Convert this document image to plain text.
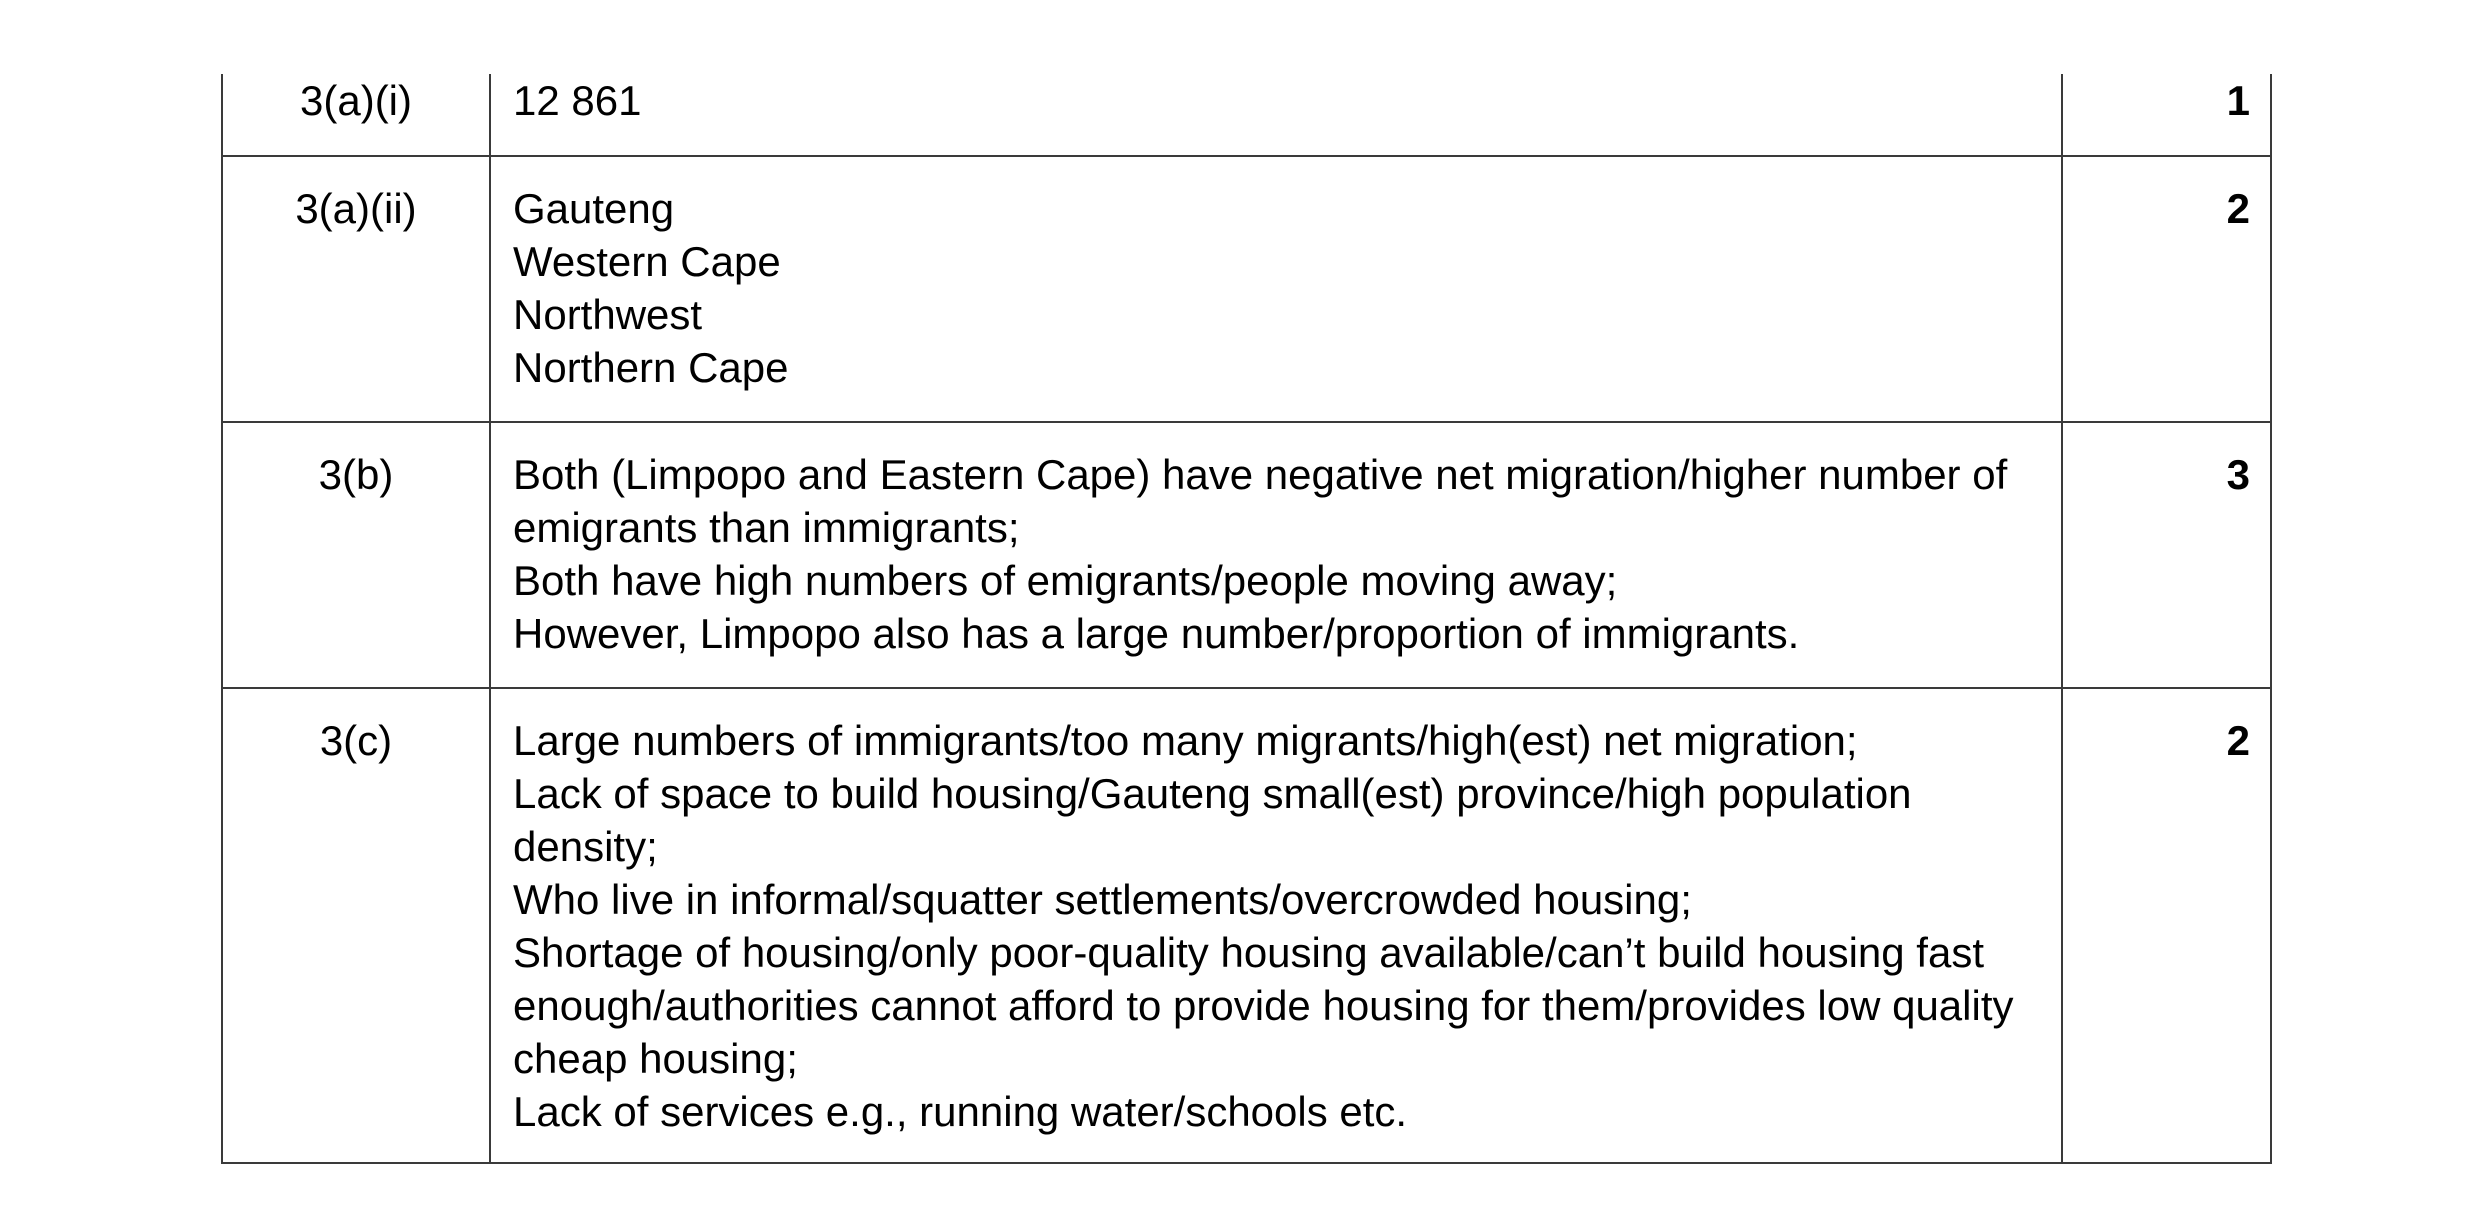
3(a)(i)	12 861	1
3(a)(ii)	Gauteng
Western Cape
Northwest
Northern Cape	2
3(b)	Both (Limpopo and Eastern Cape) have negative net migration/higher number of emigrants than immigrants;
Both have high numbers of emigrants/people moving away;
However, Limpopo also has a large number/proportion of immigrants.	3
3(c)	Large numbers of immigrants/too many migrants/high(est) net migration;
Lack of space to build housing/Gauteng small(est) province/high population density;
Who live in informal/squatter settlements/overcrowded housing;
Shortage of housing/only poor-quality housing available/can’t build housing fast enough/authorities cannot afford to provide housing for them/provides low quality cheap housing;
Lack of services e.g., running water/schools etc.	2
